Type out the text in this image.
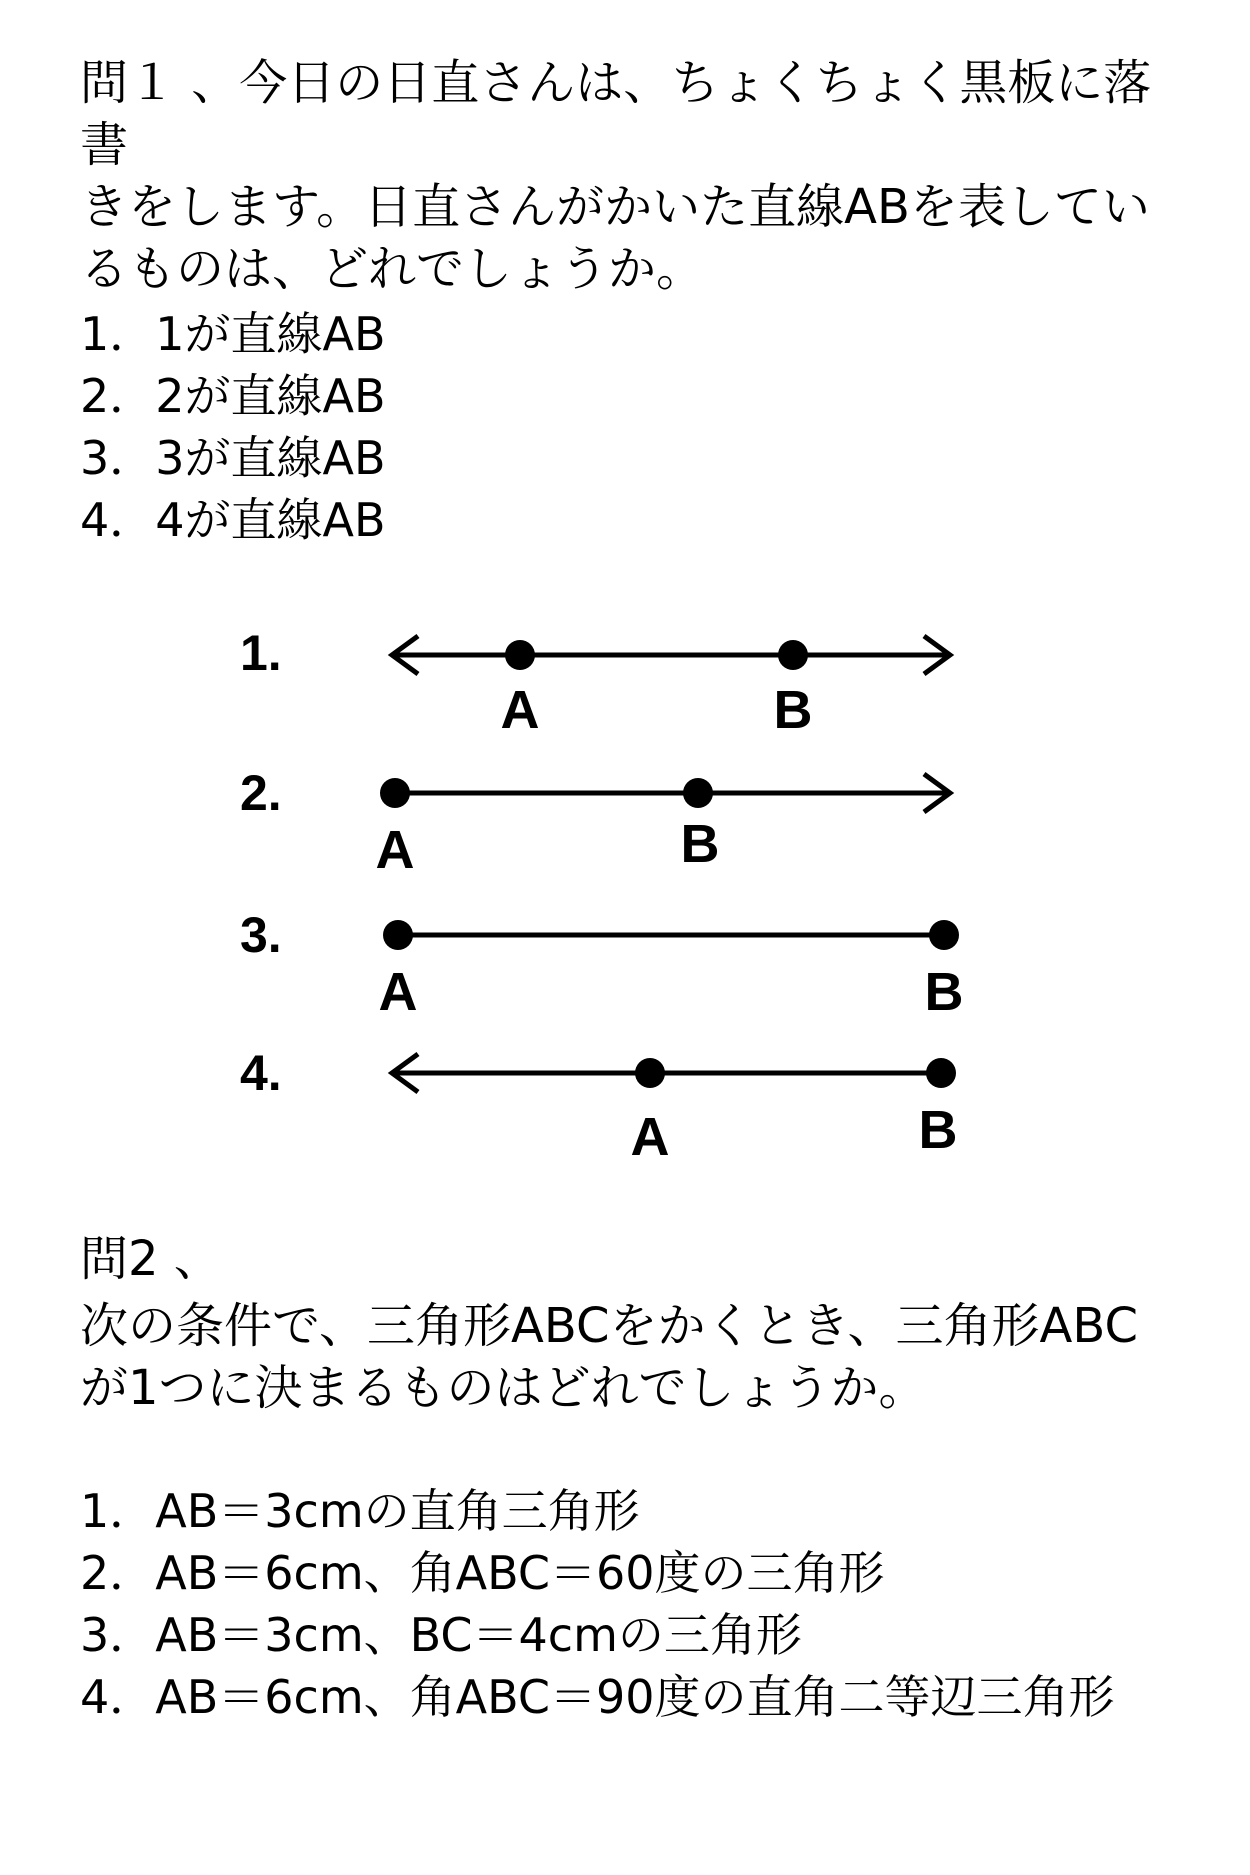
問１ 、今日の日直さんは、ちょくちょく黒板に落書

きをします。日直さんがかいた直線ABを表してい

るものは、どれでしょうか。

1．1が直線AB
2．2が直線AB
3．3が直線AB
4．4が直線AB
1.
A	B
2.
A	B
3.
A	B
4.
A	B
問2 、

次の条件で、三角形ABCをかくとき、三角形ABC

が1つに決まるものはどれでしょうか。

1．AB＝3cmの直角三角形
2．AB＝6cm、角ABC＝60度の三角形
3．AB＝3cm、BC＝4cmの三角形
4．AB＝6cm、角ABC＝90度の直角二等辺三角形
